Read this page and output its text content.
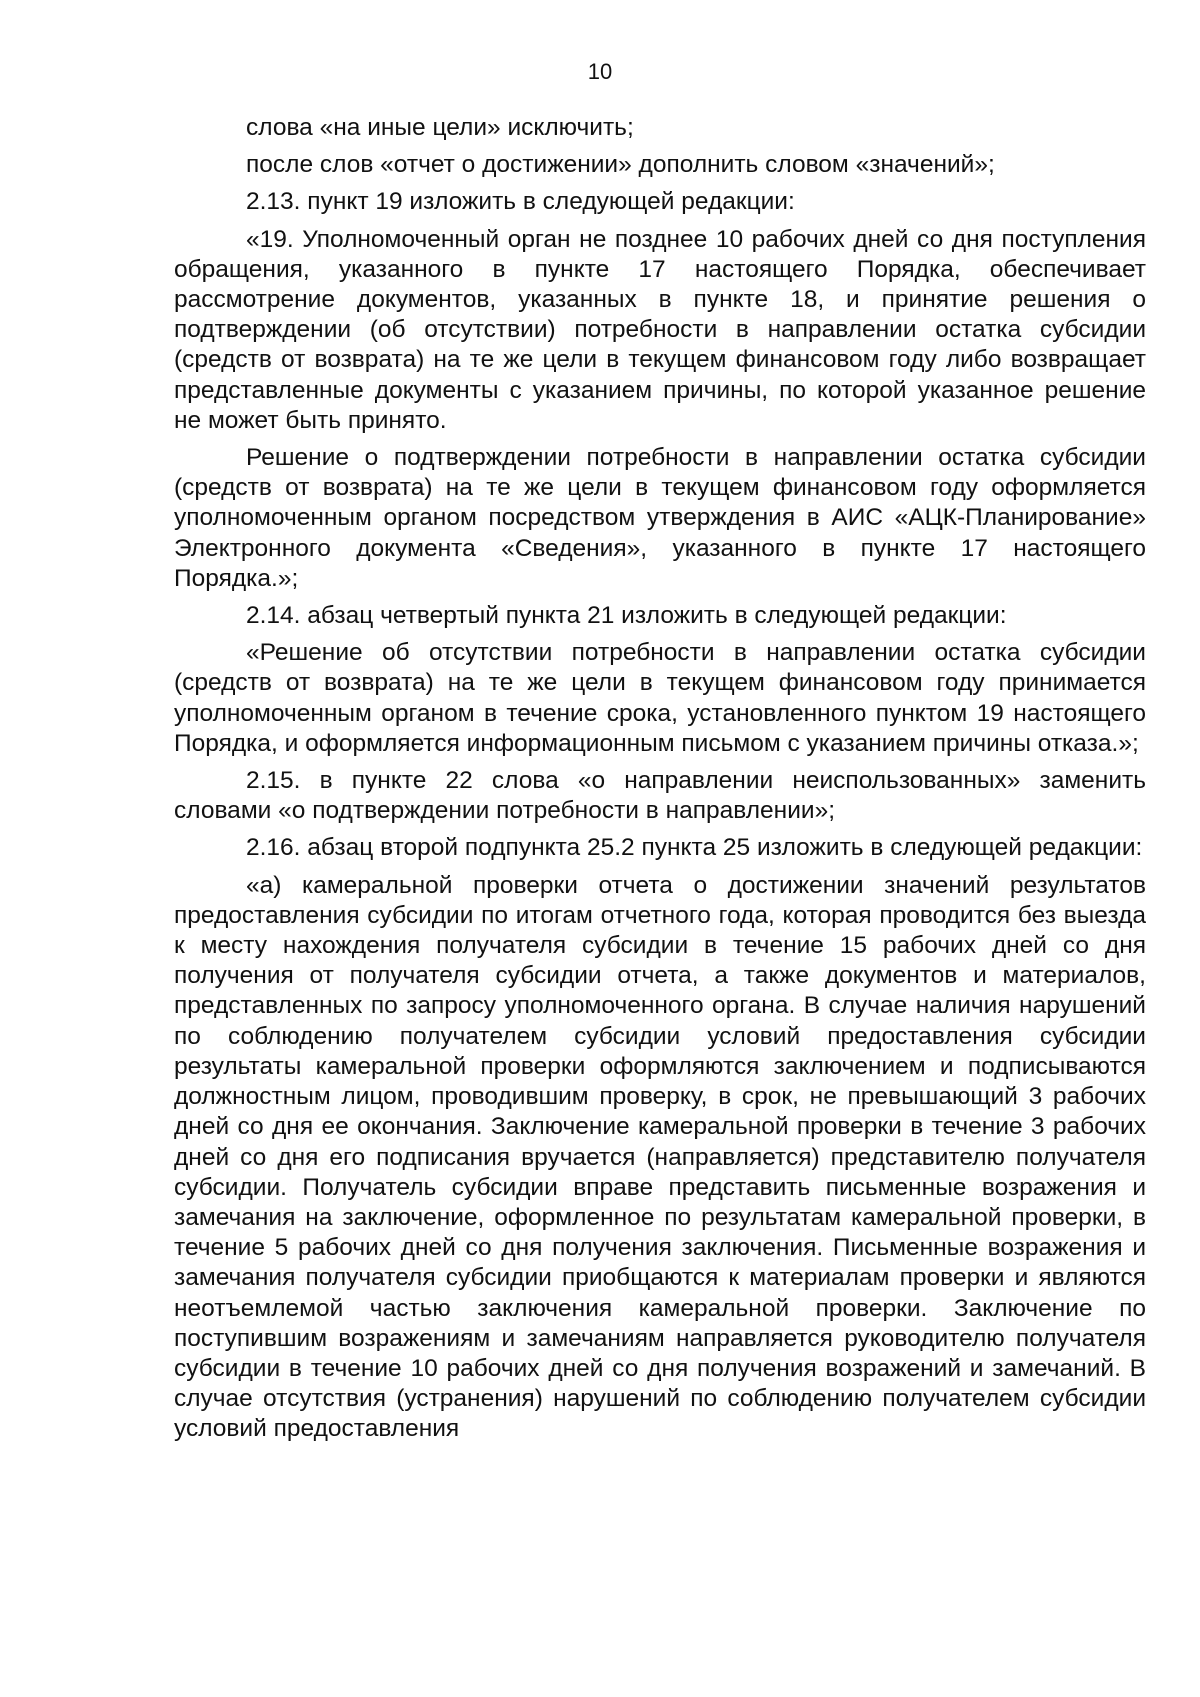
10

слова «на иные цели» исключить;

после слов «отчет о достижении» дополнить словом «значений»;

2.13. пункт 19 изложить в следующей редакции:

«19. Уполномоченный орган не позднее 10 рабочих дней со дня поступления обращения, указанного в пункте 17 настоящего Порядка, обеспечивает рассмотрение документов, указанных в пункте 18, и принятие решения о подтверждении (об отсутствии) потребности в направлении остатка субсидии (средств от возврата) на те же цели в текущем финансовом году либо возвращает представленные документы с указанием причины, по которой указанное решение не может быть принято.

Решение о подтверждении потребности в направлении остатка субсидии (средств от возврата) на те же цели в текущем финансовом году оформляется уполномоченным органом посредством утверждения в АИС «АЦК-Планирование» Электронного документа «Сведения», указанного в пункте 17 настоящего Порядка.»;

2.14. абзац четвертый пункта 21 изложить в следующей редакции:

«Решение об отсутствии потребности в направлении остатка субсидии (средств от возврата) на те же цели в текущем финансовом году принимается уполномоченным органом в течение срока, установленного пунктом 19 настоящего Порядка, и оформляется информационным письмом с указанием причины отказа.»;

2.15. в пункте 22 слова «о направлении неиспользованных» заменить словами «о подтверждении потребности в направлении»;

2.16. абзац второй подпункта 25.2 пункта 25 изложить в следующей редакции:

«а) камеральной проверки отчета о достижении значений результатов предоставления субсидии по итогам отчетного года, которая проводится без выезда к месту нахождения получателя субсидии в течение 15 рабочих дней со дня получения от получателя субсидии отчета, а также документов и материалов, представленных по запросу уполномоченного органа. В случае наличия нарушений по соблюдению получателем субсидии условий предоставления субсидии результаты камеральной проверки оформляются заключением и подписываются должностным лицом, проводившим проверку, в срок, не превышающий 3 рабочих дней со дня ее окончания. Заключение камеральной проверки в течение 3 рабочих дней со дня его подписания вручается (направляется) представителю получателя субсидии. Получатель субсидии вправе представить письменные возражения и замечания на заключение, оформленное по результатам камеральной проверки, в течение 5 рабочих дней со дня получения заключения. Письменные возражения и замечания получателя субсидии приобщаются к материалам проверки и являются неотъемлемой частью заключения камеральной проверки. Заключение по поступившим возражениям и замечаниям направляется руководителю получателя субсидии в течение 10 рабочих дней со дня получения возражений и замечаний. В случае отсутствия (устранения) нарушений по соблюдению получателем субсидии условий предоставления
